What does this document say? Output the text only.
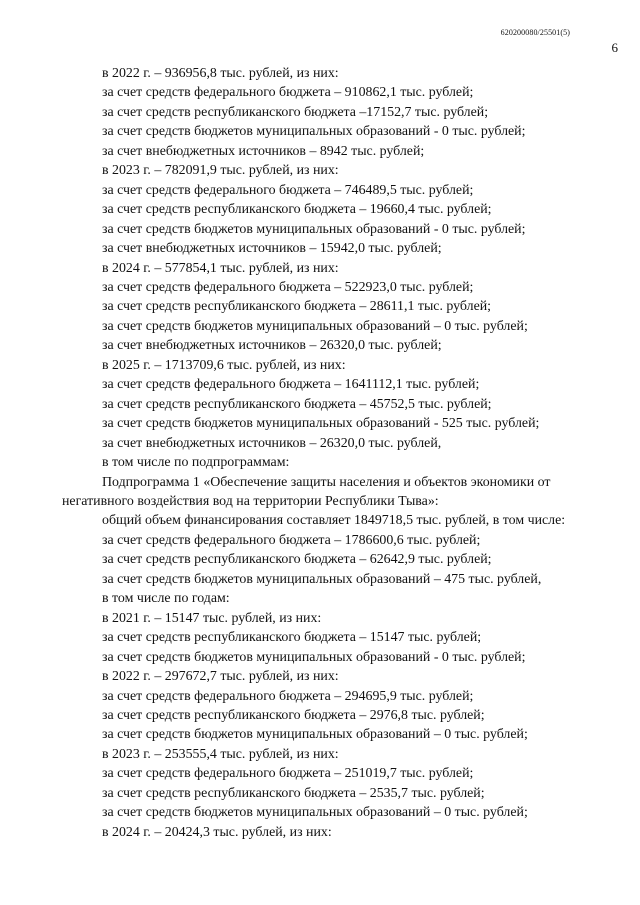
620200080/25501(5)
6

в 2022 г. – 936956,8 тыс. рублей, из них:

за счет средств федерального бюджета – 910862,1 тыс. рублей;

за счет средств республиканского бюджета –17152,7 тыс. рублей;

за счет средств бюджетов муниципальных образований - 0 тыс. рублей;

за счет внебюджетных источников – 8942 тыс. рублей;

в 2023 г. – 782091,9 тыс. рублей, из них:

за счет средств федерального бюджета – 746489,5 тыс. рублей;

за счет средств республиканского бюджета – 19660,4 тыс. рублей;

за счет средств бюджетов муниципальных образований - 0 тыс. рублей;

за счет внебюджетных источников – 15942,0 тыс. рублей;

в 2024 г. – 577854,1 тыс. рублей, из них:

за счет средств федерального бюджета – 522923,0 тыс. рублей;

за счет средств республиканского бюджета – 28611,1 тыс. рублей;

за счет средств бюджетов муниципальных образований – 0 тыс. рублей;

за счет внебюджетных источников – 26320,0 тыс. рублей;

в 2025 г. – 1713709,6 тыс. рублей, из них:

за счет средств федерального бюджета – 1641112,1 тыс. рублей;

за счет средств республиканского бюджета – 45752,5 тыс. рублей;

за счет средств бюджетов муниципальных образований - 525 тыс. рублей;

за счет внебюджетных источников – 26320,0 тыс. рублей,

в том числе по подпрограммам:

Подпрограмма 1 «Обеспечение защиты населения и объектов экономики от

негативного воздействия вод на территории Республики Тыва»:

общий объем финансирования составляет 1849718,5 тыс. рублей, в том числе:

за счет средств федерального бюджета – 1786600,6 тыс. рублей;

за счет средств республиканского бюджета – 62642,9 тыс. рублей;

за счет средств бюджетов муниципальных образований – 475 тыс. рублей,

в том числе по годам:

в 2021 г. – 15147 тыс. рублей, из них:

за счет средств республиканского бюджета – 15147 тыс. рублей;

за счет средств бюджетов муниципальных образований - 0 тыс. рублей;

в 2022 г. – 297672,7 тыс. рублей, из них:

за счет средств федерального бюджета – 294695,9 тыс. рублей;

за счет средств республиканского бюджета – 2976,8 тыс. рублей;

за счет средств бюджетов муниципальных образований – 0 тыс. рублей;

в 2023 г. – 253555,4 тыс. рублей, из них:

за счет средств федерального бюджета – 251019,7 тыс. рублей;

за счет средств республиканского бюджета – 2535,7 тыс. рублей;

за счет средств бюджетов муниципальных образований – 0 тыс. рублей;

в 2024 г. – 20424,3 тыс. рублей, из них:
